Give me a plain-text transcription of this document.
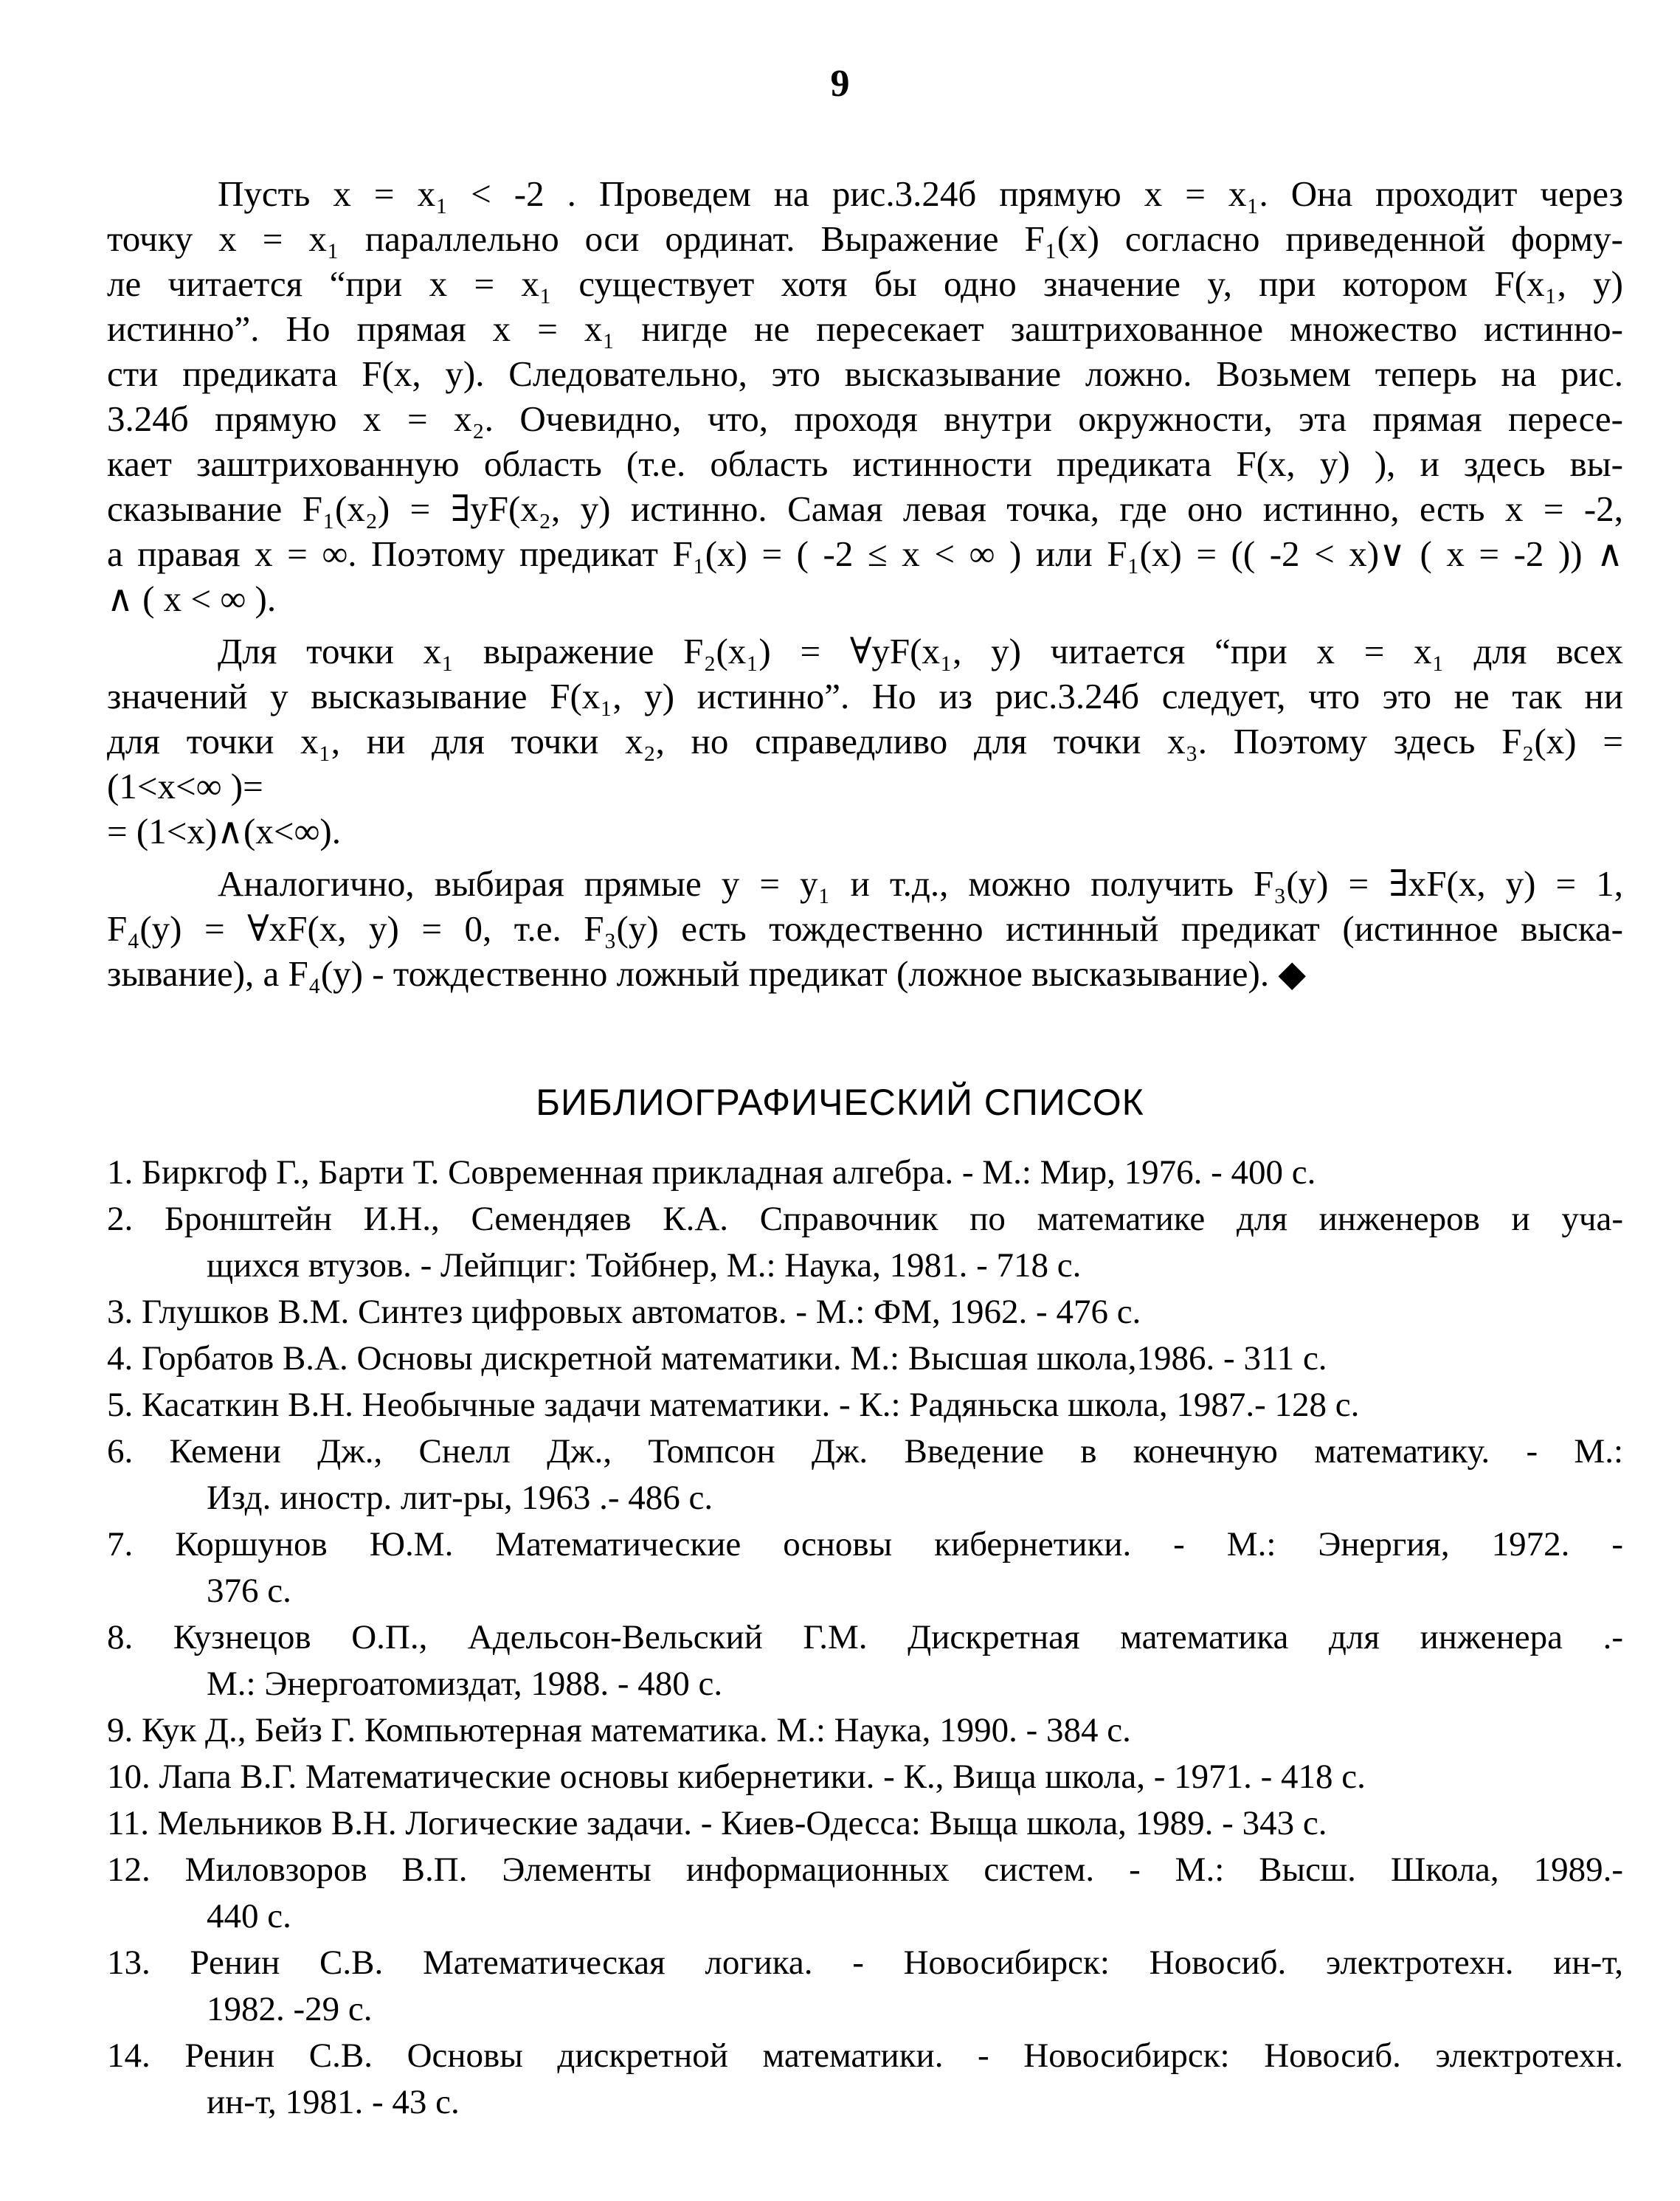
9
Пусть x = x₁ < -2 . Проведем на рис.3.24б прямую x = x₁. Она проходит через
точку x = x₁ параллельно оси ординат. Выражение F₁(x) согласно приведенной форму-
ле читается “при x = x₁ существует хотя бы одно значение y, при котором F(x₁, y)
истинно”. Но прямая x = x₁ нигде не пересекает заштрихованное множество истинно-
сти предиката F(x, y). Следовательно, это высказывание ложно. Возьмем теперь на рис.
3.24б прямую x = x₂. Очевидно, что, проходя внутри окружности, эта прямая пересе-
кает заштрихованную область (т.е. область истинности предиката F(x, y) ), и здесь вы-
сказывание F₁(x₂) = ∃yF(x₂, y) истинно. Самая левая точка, где оно истинно, есть x = -2,
а правая x = ∞. Поэтому предикат F₁(x) = ( -2 ≤ x < ∞ ) или F₁(x) = (( -2 < x)∨ ( x = -2 )) ∧
∧ ( x < ∞ ).
Для точки x₁ выражение F₂(x₁) = ∀yF(x₁, y) читается “при x = x₁ для всех
значений y высказывание F(x₁, y) истинно”. Но из рис.3.24б следует, что это не так ни
для точки x₁, ни для точки x₂, но справедливо для точки x₃. Поэтому здесь F₂(x) =
(1<x<∞ )=
= (1<x)∧(x<∞).
Аналогично, выбирая прямые y = y₁ и т.д., можно получить F₃(y) = ∃xF(x, y) = 1,
F₄(y) = ∀xF(x, y) = 0, т.е. F₃(y) есть тождественно истинный предикат (истинное выска-
зывание), а F₄(y) - тождественно ложный предикат (ложное высказывание). ◆
БИБЛИОГРАФИЧЕСКИЙ СПИСОК
1. Биркгоф Г., Барти Т. Современная прикладная алгебра. - М.: Мир, 1976. - 400 с.
2. Бронштейн И.Н., Семендяев К.А. Справочник по математике для инженеров и уча-
щихся втузов. - Лейпциг: Тойбнер, М.: Наука, 1981. - 718 с.
3. Глушков В.М. Синтез цифровых автоматов. - М.: ФМ, 1962. - 476 с.
4. Горбатов В.А. Основы дискретной математики. М.: Высшая школа,1986. - 311 с.
5. Касаткин В.Н. Необычные задачи математики. - К.: Радяньска школа, 1987.- 128 с.
6. Кемени Дж., Снелл Дж., Томпсон Дж. Введение в конечную математику. - М.:
Изд. иностр. лит-ры, 1963 .- 486 с.
7. Коршунов Ю.М. Математические основы кибернетики. - М.: Энергия, 1972. -
376 с.
8. Кузнецов О.П., Адельсон-Вельский Г.М. Дискретная математика для инженера .-
М.: Энергоатомиздат, 1988. - 480 с.
9. Кук Д., Бейз Г. Компьютерная математика. М.: Наука, 1990. - 384 с.
10. Лапа В.Г. Математические основы кибернетики. - К., Вища школа, - 1971. - 418 с.
11. Мельников В.Н. Логические задачи. - Киев-Одесса: Выща школа, 1989. - 343 с.
12. Миловзоров В.П. Элементы информационных систем. - М.: Высш. Школа, 1989.-
440 с.
13. Ренин С.В. Математическая логика. - Новосибирск: Новосиб. электротехн. ин-т,
1982. -29 с.
14. Ренин С.В. Основы дискретной математики. - Новосибирск: Новосиб. электротехн.
ин-т, 1981. - 43 с.
